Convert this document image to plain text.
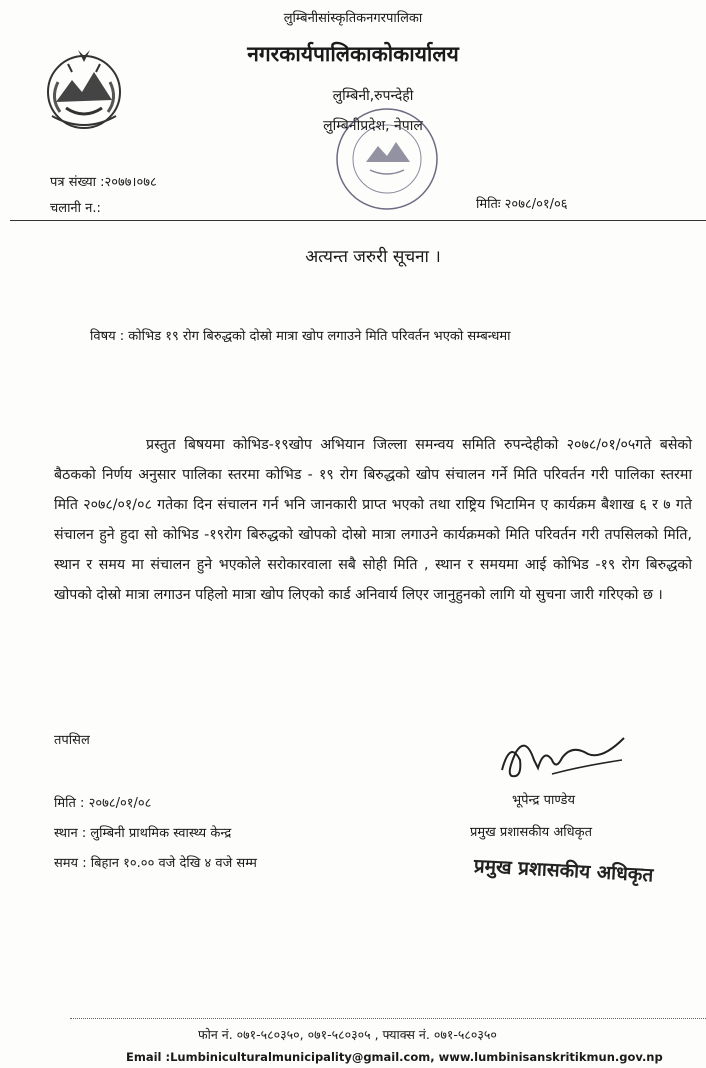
लुम्बिनीसांस्कृतिकनगरपालिका
नगरकार्यपालिकाकोकार्यालय
लुम्बिनी,रुपन्देही
लुम्बिनीप्रदेश, नेपाल
पत्र संख्या :२०७७।०७८
चलानी न.:	मितिः २०७८/०१/०६
अत्यन्त जरुरी सूचना ।
विषय : कोभिड १९ रोग बिरुद्धको दोस्रो मात्रा खोप लगाउने मिति परिवर्तन भएको सम्बन्धमा
प्रस्तुत बिषयमा कोभिड-१९खोप अभियान जिल्ला समन्वय समिति रुपन्देहीको २०७८/०१/०५गते बसेको बैठकको निर्णय अनुसार पालिका स्तरमा कोभिड - १९ रोग बिरुद्धको खोप संचालन गर्ने मिति परिवर्तन गरी पालिका स्तरमा मिति २०७८/०१/०८ गतेका दिन संचालन गर्न भनि जानकारी प्राप्त भएको तथा राष्ट्रिय भिटामिन ए कार्यक्रम बैशाख ६ र ७ गते संचालन हुने हुदा सो कोभिड -१९रोग बिरुद्धको खोपको दोस्रो मात्रा लगाउने कार्यक्रमको मिति परिवर्तन गरी तपसिलको मिति, स्थान र समय मा संचालन हुने भएकोले सरोकारवाला सबै सोही मिति , स्थान र समयमा आई कोभिड -१९ रोग बिरुद्धको खोपको दोस्रो मात्रा लगाउन पहिलो मात्रा खोप लिएको कार्ड अनिवार्य लिएर जानुहुनको लागि यो सुचना जारी गरिएको छ ।
तपसिल
मिति : २०७८/०१/०८
स्थान : लुम्बिनी प्राथमिक स्वास्थ्य केन्द्र
समय : बिहान १०.०० वजे देखि ४ वजे सम्म
भूपेन्द्र पाण्डेय
प्रमुख प्रशासकीय अधिकृत
प्रमुख प्रशासकीय अधिकृत
फोन नं. ०७१-५८०३५०, ०७१-५८०३०५ , फ्याक्स नं. ०७१-५८०३५०
Email :Lumbiniculturalmunicipality@gmail.com, www.lumbinisanskritikmun.gov.np
